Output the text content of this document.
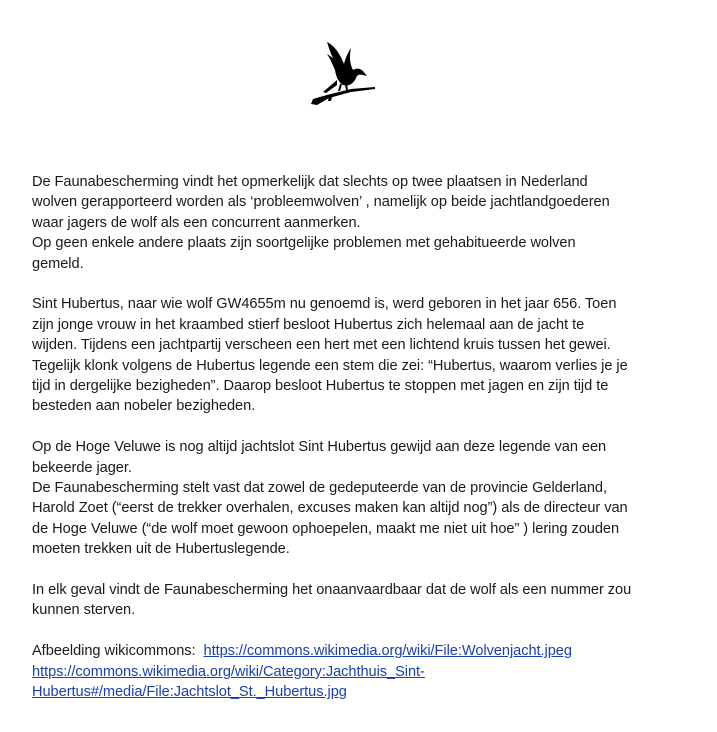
De Faunabescherming vindt het opmerkelijk dat slechts op twee plaatsen in Nederland
wolven gerapporteerd worden als ‘probleemwolven’ , namelijk op beide jachtlandgoederen
waar jagers de wolf als een concurrent aanmerken.

Op geen enkele andere plaats zijn soortgelijke problemen met gehabitueerde wolven
gemeld.

Sint Hubertus, naar wie wolf GW4655m nu genoemd is, werd geboren in het jaar 656. Toen
zijn jonge vrouw in het kraambed stierf besloot Hubertus zich helemaal aan de jacht te
wijden. Tijdens een jachtpartij verscheen een hert met een lichtend kruis tussen het gewei.
Tegelijk klonk volgens de Hubertus legende een stem die zei: “Hubertus, waarom verlies je je
tijd in dergelijke bezigheden”. Daarop besloot Hubertus te stoppen met jagen en zijn tijd te
besteden aan nobeler bezigheden.

Op de Hoge Veluwe is nog altijd jachtslot Sint Hubertus gewijd aan deze legende van een
bekeerde jager.

De Faunabescherming stelt vast dat zowel de gedeputeerde van de provincie Gelderland,
Harold Zoet (“eerst de trekker overhalen, excuses maken kan altijd nog”) als de directeur van
de Hoge Veluwe (“de wolf moet gewoon ophoepelen, maakt me niet uit hoe” ) lering zouden
moeten trekken uit de Hubertuslegende.

In elk geval vindt de Faunabescherming het onaanvaardbaar dat de wolf als een nummer zou
kunnen sterven.

Afbeelding wikicommons: https://commons.wikimedia.org/wiki/File:Wolvenjacht.jpeg
https://commons.wikimedia.org/wiki/Category:Jachthuis_Sint-
Hubertus#/media/File:Jachtslot_St._Hubertus.jpg
